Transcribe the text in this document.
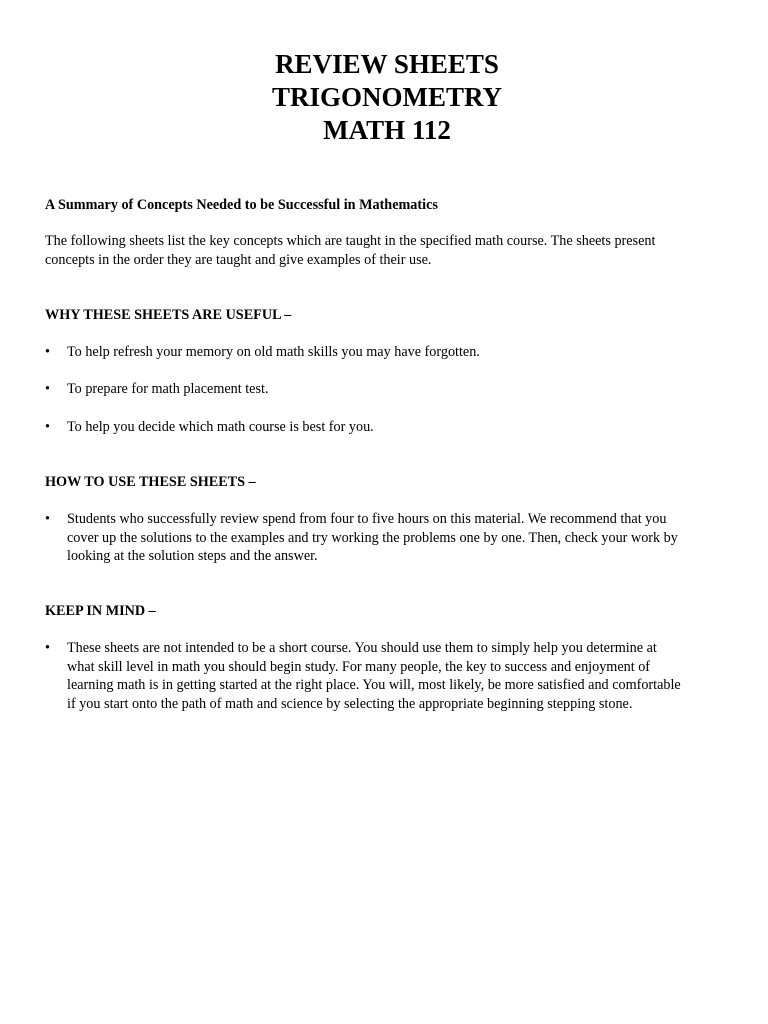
REVIEW SHEETS
TRIGONOMETRY
MATH 112
A Summary of Concepts Needed to be Successful in Mathematics
The following sheets list the key concepts which are taught in the specified math course. The sheets present
concepts in the order they are taught and give examples of their use.
WHY THESE SHEETS ARE USEFUL –
•	To help refresh your memory on old math skills you may have forgotten.
•	To prepare for math placement test.
•	To help you decide which math course is best for you.
HOW TO USE THESE SHEETS –
•	Students who successfully review spend from four to five hours on this material. We recommend that you
cover up the solutions to the examples and try working the problems one by one. Then, check your work by
looking at the solution steps and the answer.
KEEP IN MIND –
•	These sheets are not intended to be a short course. You should use them to simply help you determine at
what skill level in math you should begin study. For many people, the key to success and enjoyment of
learning math is in getting started at the right place. You will, most likely, be more satisfied and comfortable
if you start onto the path of math and science by selecting the appropriate beginning stepping stone.
